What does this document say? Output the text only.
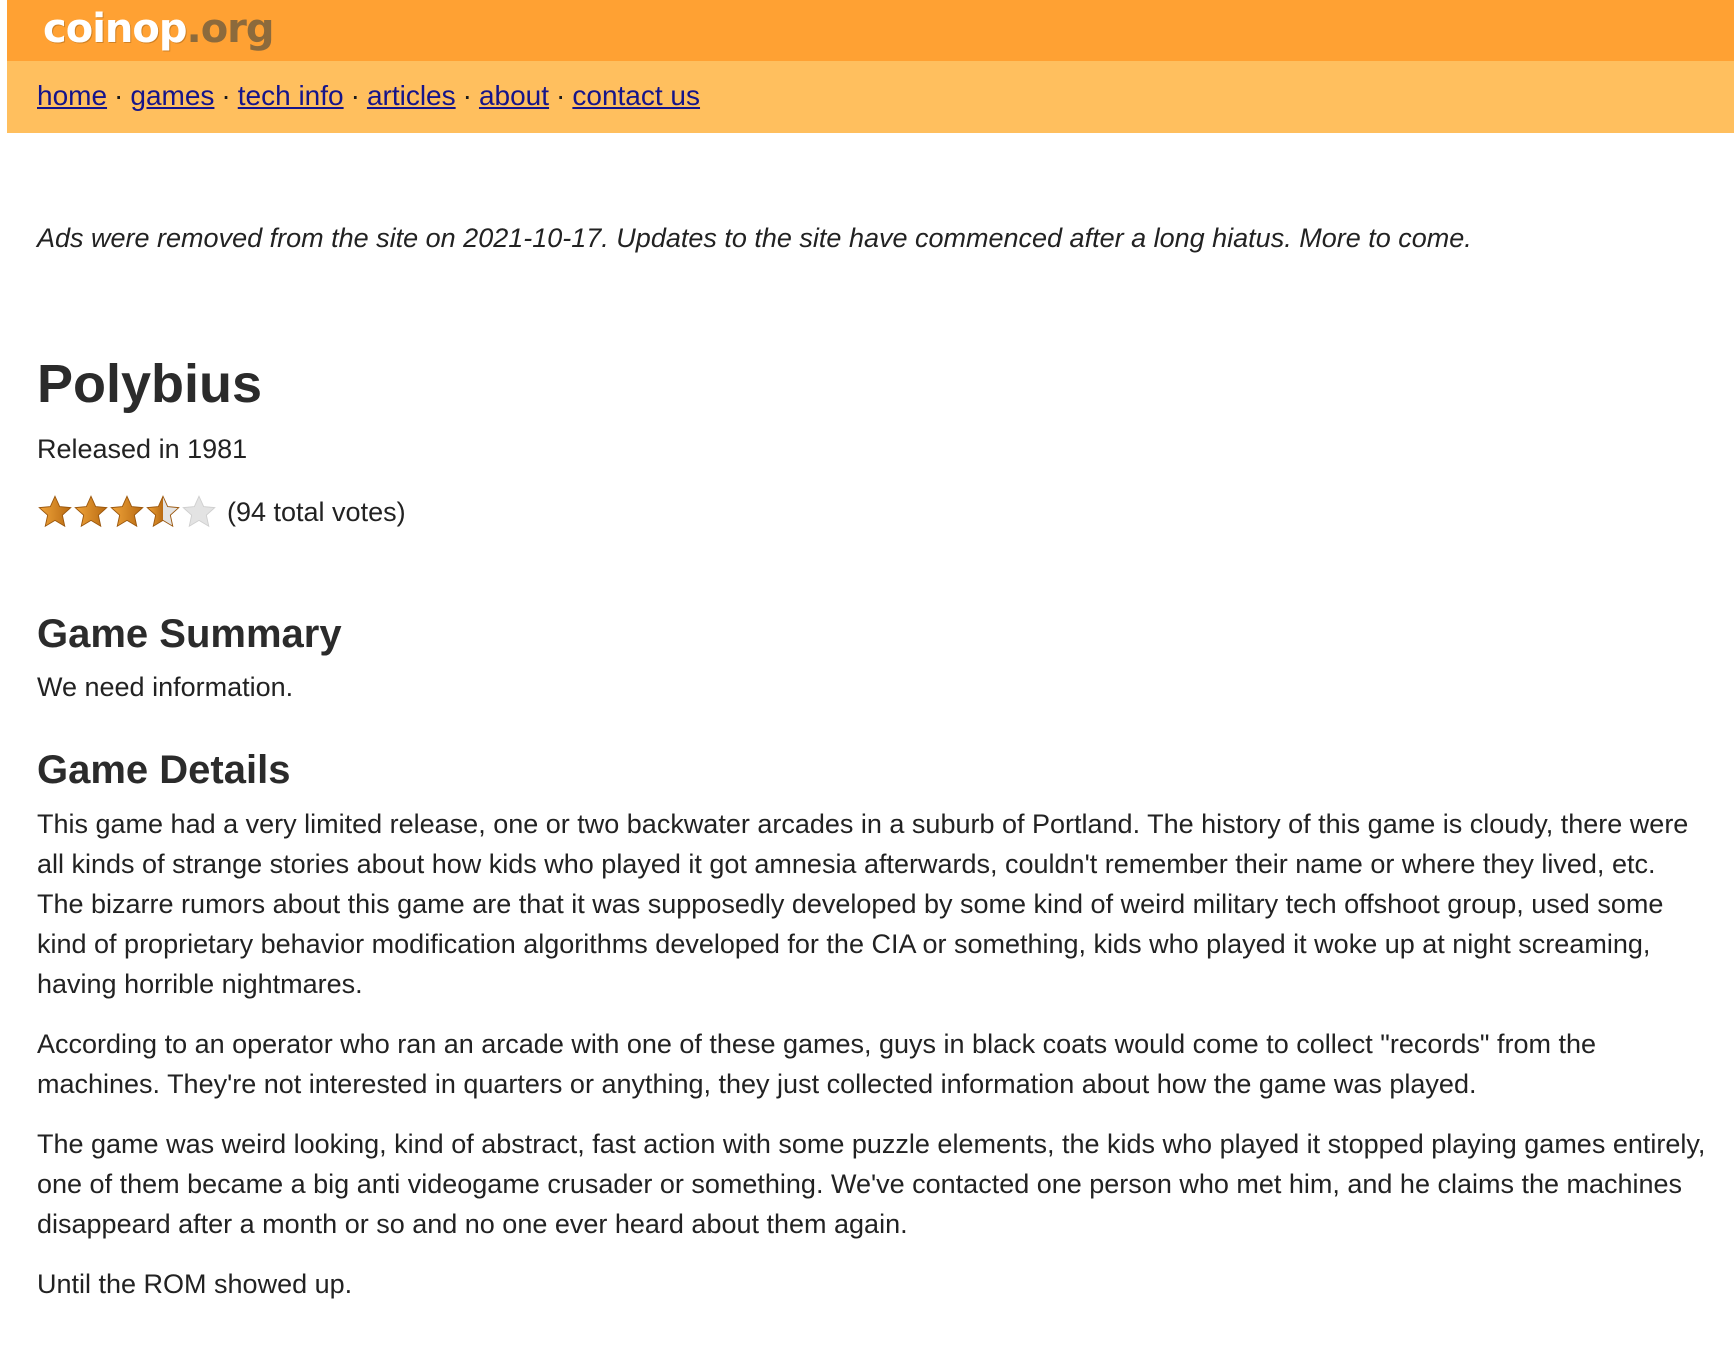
coinop.org
home · games · tech info · articles · about · contact us
Ads were removed from the site on 2021-10-17. Updates to the site have commenced after a long hiatus. More to come.
Polybius
Released in 1981
(94 total votes)
Game Summary
We need information.
Game Details

This game had a very limited release, one or two backwater arcades in a suburb of Portland. The history of this game is cloudy, there were all kinds of strange stories about how kids who played it got amnesia afterwards, couldn't remember their name or where they lived, etc.

The bizarre rumors about this game are that it was supposedly developed by some kind of weird military tech offshoot group, used some kind of proprietary behavior modification algorithms developed for the CIA or something, kids who played it woke up at night screaming, having horrible nightmares.

According to an operator who ran an arcade with one of these games, guys in black coats would come to collect "records" from the machines. They're not interested in quarters or anything, they just collected information about how the game was played.

The game was weird looking, kind of abstract, fast action with some puzzle elements, the kids who played it stopped playing games entirely, one of them became a big anti videogame crusader or something. We've contacted one person who met him, and he claims the machines disappeard after a month or so and no one ever heard about them again.

Until the ROM showed up.
